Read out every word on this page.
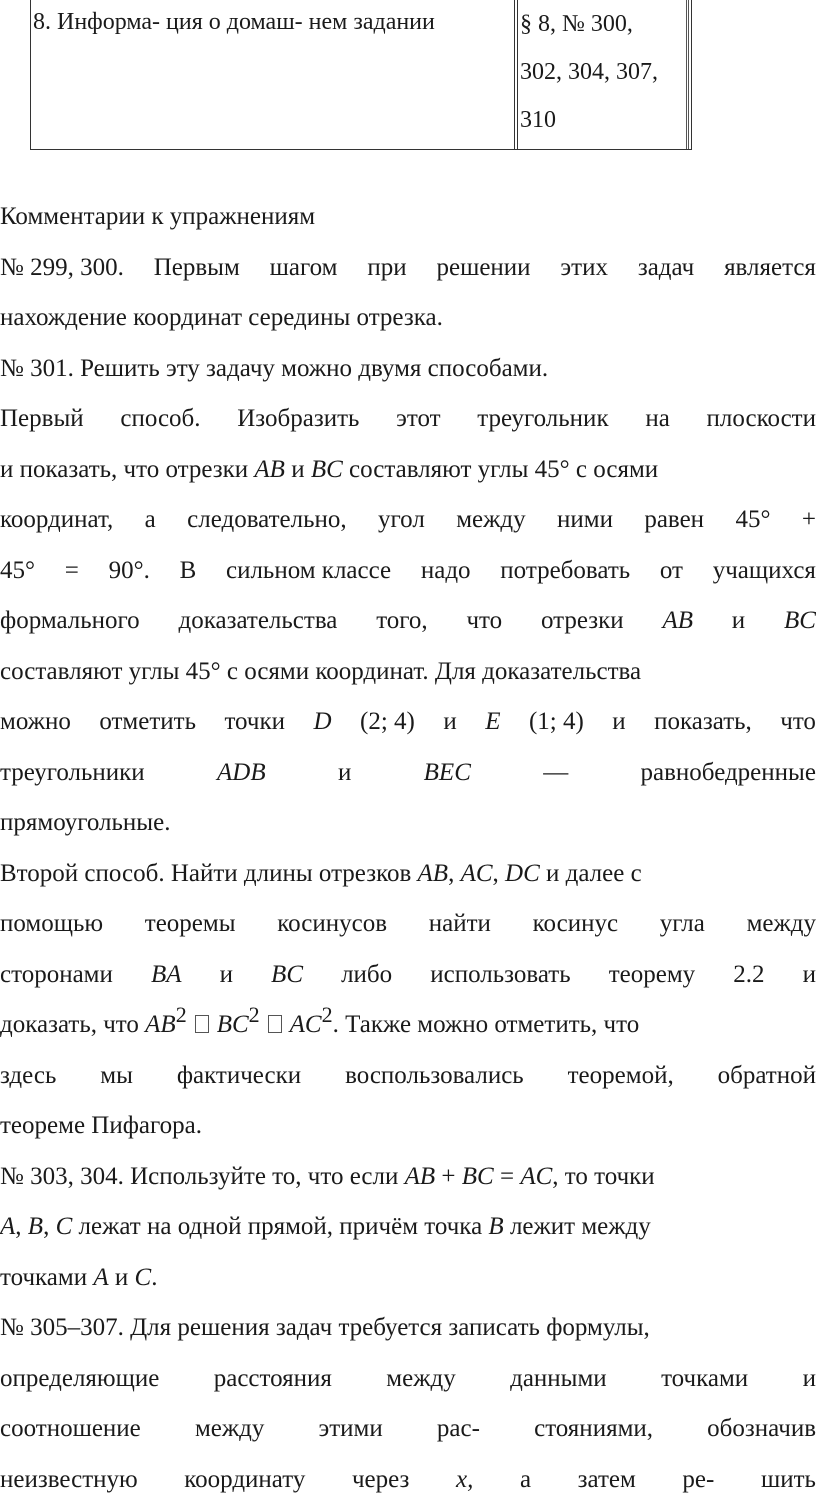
8. Информа- ция о домаш- нем задании	§ 8, № 300,
302, 304, 307,
310
Комментарии к упражнениям
№ 299, 300. Первым шагом при решении этих задач является
нахождение координат середины отрезка.
№ 301. Решить эту задачу можно двумя способами.
Первый способ. Изобразить этот треугольник на плоскости
и показать, что отрезки AB и BC составляют углы 45° с осями
координат, а следовательно, угол между ними равен 45° +
45° = 90°. В сильном классе надо потребовать от учащихся
формального доказательства того, что отрезки AB и BC
составляют углы 45° с осями координат. Для доказательства
можно отметить точки D (2; 4) и E (1; 4) и показать, что
треугольники	ADB	и	BEC	—	равнобедренные
прямоугольные.
Второй способ. Найти длины отрезков AB, AC, DC и далее с
помощью теоремы косинусов найти косинус угла между
сторонами BA и BC либо использовать теорему 2.2 и
доказать, что $AB^2$ $BC^2$ $AC^2$. Также можно отметить, что
здесь мы фактически воспользовались теоремой, обратной
теореме Пифагора.
№ 303, 304. Используйте то, что если AB + BC = AC, то точки
A, B, C лежат на одной прямой, причём точка B лежит между
точками A и C.
№ 305–307. Для решения задач требуется записать формулы,
определяющие расстояния между данными точками и
соотношение между этими рас- стояниями, обозначив
неизвестную координату через x, а затем ре- шить
